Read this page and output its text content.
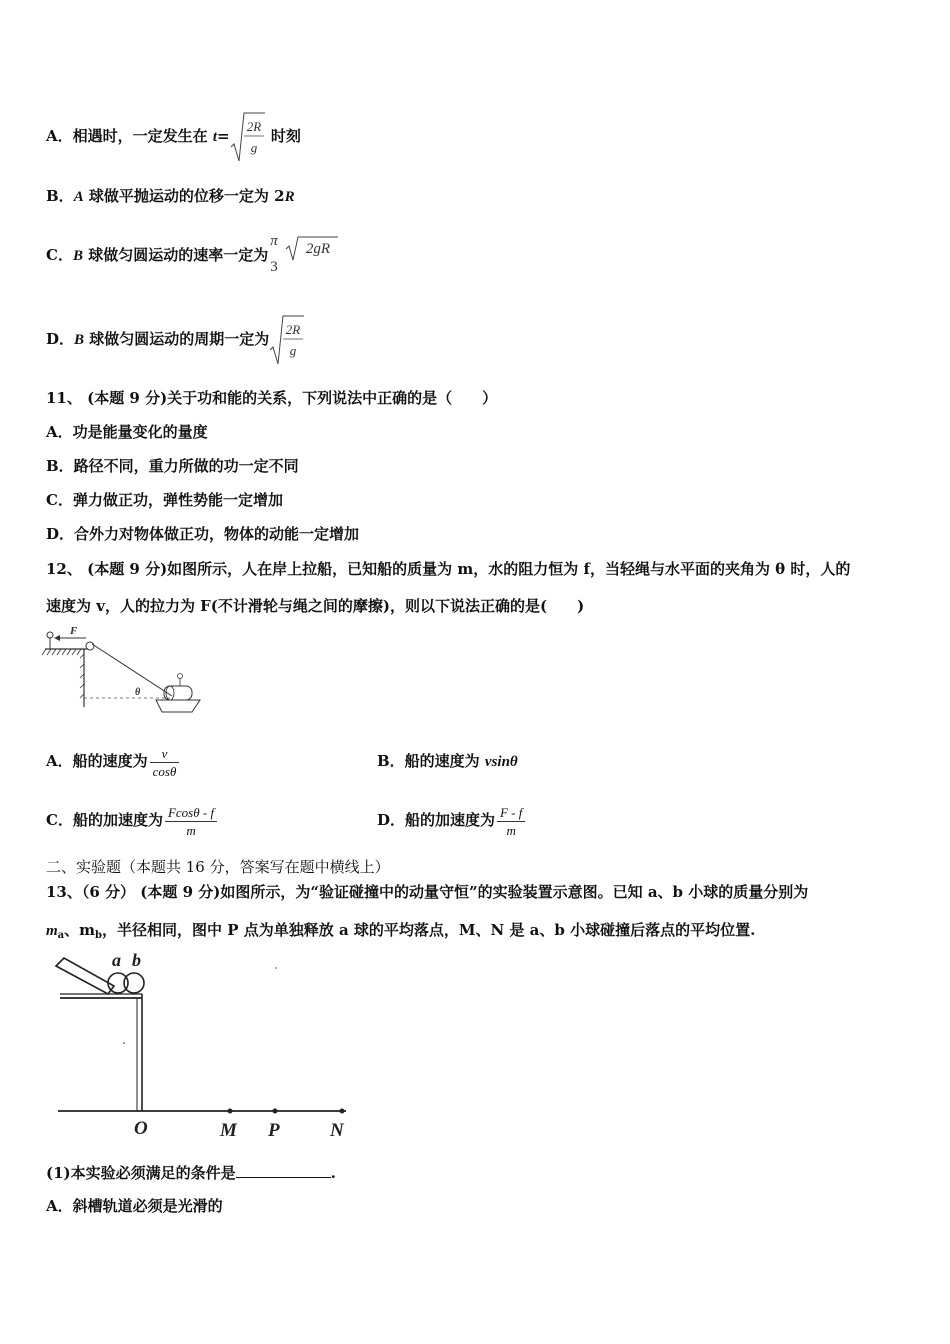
A．相遇时，一定发生在 t=
2R
g
时刻
B．A 球做平抛运动的位移一定为 2R
C．B 球做匀圆运动的速率一定为
π
3
2gR
D．B 球做匀圆运动的周期一定为
2R
g
11、 (本题 9 分)关于功和能的关系，下列说法中正确的是（　　）
A．功是能量变化的量度
B．路径不同，重力所做的功一定不同
C．弹力做正功，弹性势能一定增加
D．合外力对物体做正功，物体的动能一定增加
12、 (本题 9 分)如图所示，人在岸上拉船，已知船的质量为 m，水的阻力恒为 f，当轻绳与水平面的夹角为 θ 时，人的
速度为 v，人的拉力为 F(不计滑轮与绳之间的摩擦)，则以下说法正确的是(　　)
F
θ
A．船的速度为 $\frac{v}{\cos\theta}$	B．船的速度为 vsinθ
C．船的加速度为 $\frac{Fcos\theta - f}{m}$	D．船的加速度为 $\frac{F - f}{m}$
二、实验题（本题共 16 分，答案写在题中横线上）
13、（6 分） (本题 9 分)如图所示，为“验证碰撞中的动量守恒”的实验装置示意图。已知 a、b 小球的质量分别为
$m_a$、$m_b$，半径相同，图中 P 点为单独释放 a 球的平均落点，M、N 是 a、b 小球碰撞后落点的平均位置.
a b
O	M P	N
(1)本实验必须满足的条件是	.
A．斜槽轨道必须是光滑的
